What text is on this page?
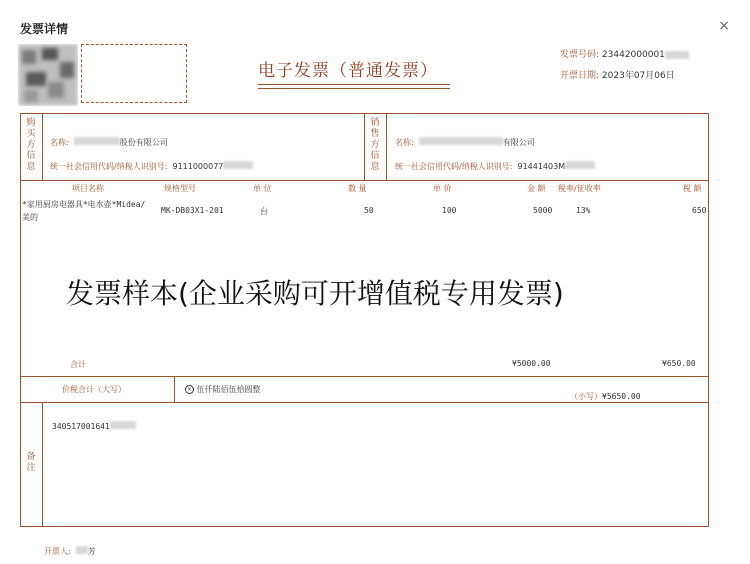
发票详情	×
电子发票（普通发票）
发票号码: 23442000001
开票日期: 2023年07月06日
购
买
方
信
息
名称:	股份有限公司
统一社会信用代码/纳税人识别号: 9111000077
销
售
方
信
息
名称:	有限公司
统一社会信用代码/纳税人识别号: 91441403M
项目名称	规格型号	单 位	数 量	单 价	金 额 税率/征收率	税 额
*家用厨房电器具*电水壶*Midea/
美的
MK-DB03X1-201	台	50	100	5000	13%	650
发票样本(企业采购可开增值税专用发票)
合计	¥5000.00	¥650.00
价税合计（大写）	× 伍仟陆佰伍拾圆整
（小写）¥5650.00
备
注
340517001641
开票人: 芳
